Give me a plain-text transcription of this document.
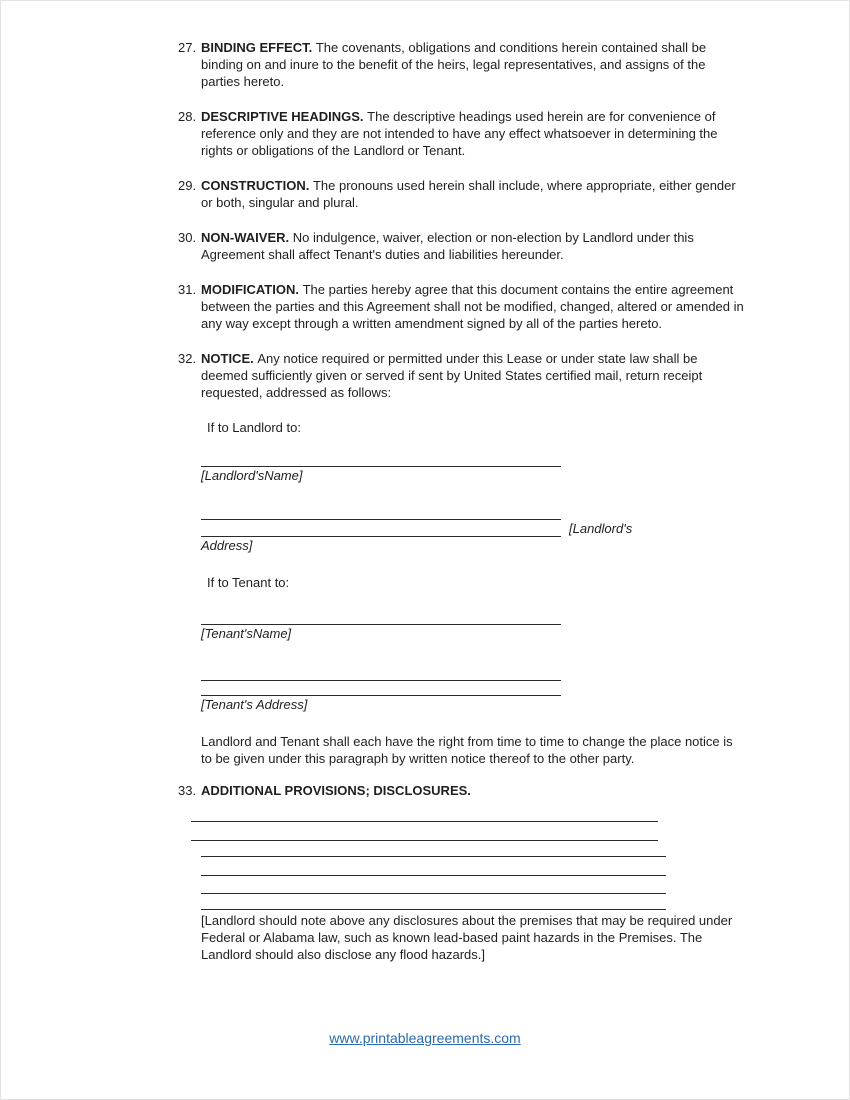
27. BINDING EFFECT . The covenants, obligations and conditions herein contained shall be binding on and inure to the benefit of the heirs, legal representatives, and assigns of the parties hereto.
28. DESCRIPTIVE HEADINGS . The descriptive headings used herein are for convenience of reference only and they are not intended to have any effect whatsoever in determining the rights or obligations of the Landlord or Tenant.
29. CONSTRUCTION . The pronouns used herein shall include, where appropriate, either gender or both, singular and plural.
30. NON-WAIVER . No indulgence, waiver, election or non-election by Landlord under this Agreement shall affect Tenant's duties and liabilities hereunder.
31. MODIFICATION . The parties hereby agree that this document contains the entire agreement between the parties and this Agreement shall not be modified, changed, altered or amended in any way except through a written amendment signed by all of the parties hereto.
32. NOTICE . Any notice required or permitted under this Lease or under state law shall be deemed sufficiently given or served if sent by United States certified mail, return receipt requested, addressed as follows:
If to Landlord to:
[Landlord'sName]
[Landlord's
Address]
If to Tenant to:
[Tenant'sName]
[Tenant's Address]
Landlord and Tenant shall each have the right from time to time to change the place notice is to be given under this paragraph by written notice thereof to the other party.
33. ADDITIONAL PROVISIONS; DISCLOSURES .
[Landlord should note above any disclosures about the premises that may be required under Federal or Alabama law, such as known lead-based paint hazards in the Premises. The Landlord should also disclose any flood hazards.]
www.printableagreements.com
